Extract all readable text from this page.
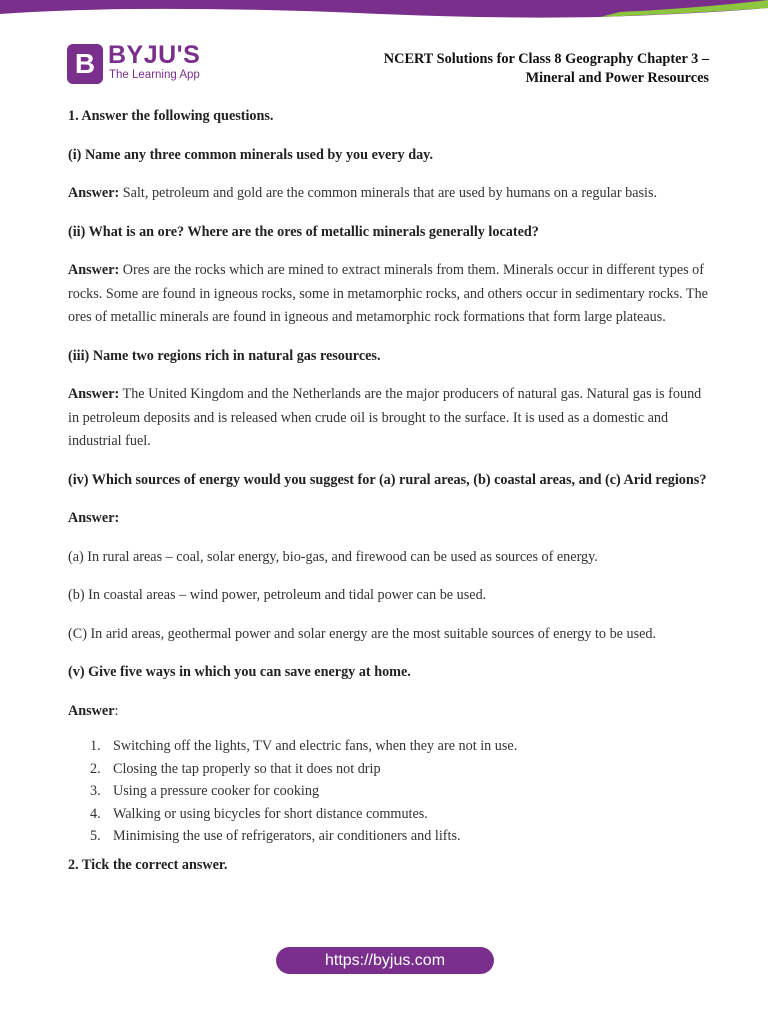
B BYJU'S
The Learning App
NCERT Solutions for Class 8 Geography Chapter 3 –
Mineral and Power Resources

1. Answer the following questions.

(i) Name any three common minerals used by you every day.

Answer: Salt, petroleum and gold are the common minerals that are used by humans on a regular basis.

(ii) What is an ore? Where are the ores of metallic minerals generally located?

Answer: Ores are the rocks which are mined to extract minerals from them. Minerals occur in different types of rocks. Some are found in igneous rocks, some in metamorphic rocks, and others occur in sedimentary rocks. The ores of metallic minerals are found in igneous and metamorphic rock formations that form large plateaus.

(iii) Name two regions rich in natural gas resources.

Answer: The United Kingdom and the Netherlands are the major producers of natural gas. Natural gas is found in petroleum deposits and is released when crude oil is brought to the surface. It is used as a domestic and industrial fuel.

(iv) Which sources of energy would you suggest for (a) rural areas, (b) coastal areas, and (c) Arid regions?

Answer:

(a) In rural areas – coal, solar energy, bio-gas, and firewood can be used as sources of energy.

(b) In coastal areas – wind power, petroleum and tidal power can be used.

(C) In arid areas, geothermal power and solar energy are the most suitable sources of energy to be used.

(v) Give five ways in which you can save energy at home.

Answer:

1. Switching off the lights, TV and electric fans, when they are not in use.
2. Closing the tap properly so that it does not drip
3. Using a pressure cooker for cooking
4. Walking or using bicycles for short distance commutes.
5. Minimising the use of refrigerators, air conditioners and lifts.

2. Tick the correct answer.

https://byjus.com
